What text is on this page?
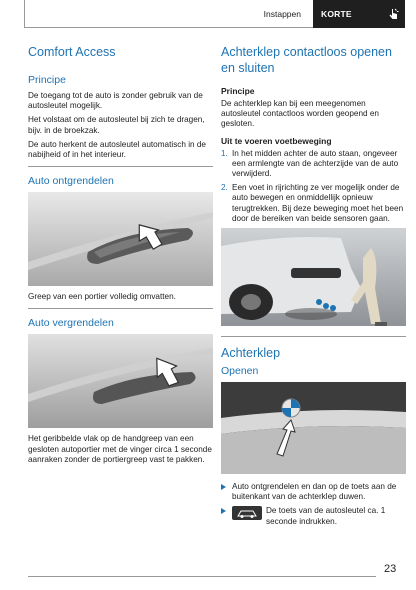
Instappen	KORTE INSTRUCTIE
Comfort Access
Principe
De toegang tot de auto is zonder gebruik van de autosleutel mogelijk.
Het volstaat om de autosleutel bij zich te dragen, bijv. in de broekzak.
De auto herkent de autosleutel automatisch in de nabijheid of in het interieur.
Auto ontgrendelen
Greep van een portier volledig omvatten.
Auto vergrendelen
Het geribbelde vlak op de handgreep van een gesloten autoportier met de vinger circa 1 seconde aanraken zonder de portiergreep vast te pakken.
Achterklep contactloos openen en sluiten
Principe
De achterklep kan bij een meegenomen autosleutel contactloos worden geopend en gesloten.
Uit te voeren voetbeweging
1. In het midden achter de auto staan, ongeveer een armlengte van de achterzijde van de auto verwijderd.
2. Een voet in rijrichting ze ver mogelijk onder de auto bewegen en onmiddellijk opnieuw terugtrekken. Bij deze beweging moet het been door de bereiken van beide sensoren gaan.
Achterklep
Openen
Auto ontgrendelen en dan op de toets aan de buitenkant van de achterklep duwen.
De toets van de autosleutel ca. 1 seconde indrukken.
23
